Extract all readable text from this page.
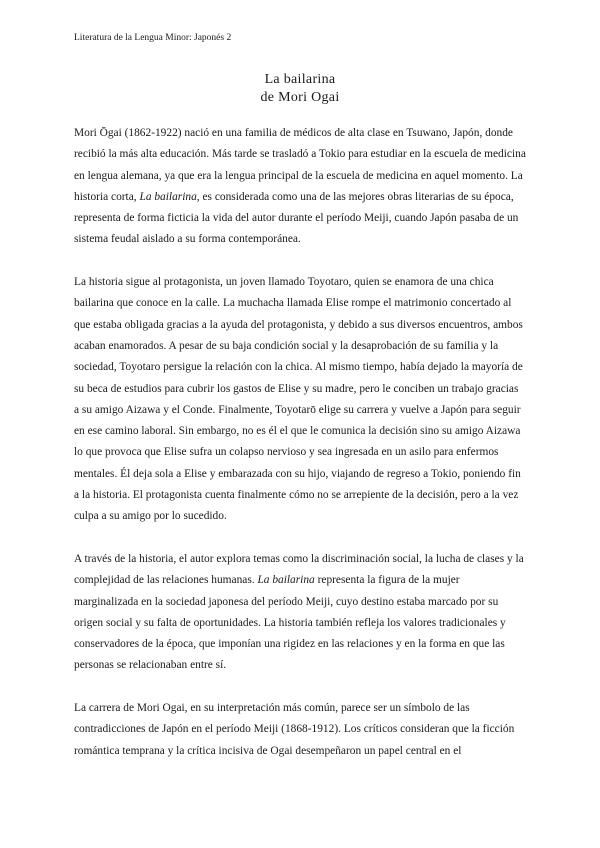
Literatura de la Lengua Minor: Japonés 2
La bailarina
de Mori Ogai

Mori Ōgai (1862-1922) nació en una familia de médicos de alta clase en Tsuwano, Japón, donde recibió la más alta educación. Más tarde se trasladó a Tokio para estudiar en la escuela de medicina en lengua alemana, ya que era la lengua principal de la escuela de medicina en aquel momento. La historia corta, La bailarina, es considerada como una de las mejores obras literarias de su época, representa de forma ficticia la vida del autor durante el período Meiji, cuando Japón pasaba de un sistema feudal aislado a su forma contemporánea.

La historia sigue al protagonista, un joven llamado Toyotaro, quien se enamora de una chica bailarina que conoce en la calle. La muchacha llamada Elise rompe el matrimonio concertado al que estaba obligada gracias a la ayuda del protagonista, y debido a sus diversos encuentros, ambos acaban enamorados. A pesar de su baja condición social y la desaprobación de su familia y la sociedad, Toyotaro persigue la relación con la chica. Al mismo tiempo, había dejado la mayoría de su beca de estudios para cubrir los gastos de Elise y su madre, pero le conciben un trabajo gracias a su amigo Aizawa y el Conde. Finalmente, Toyotarō elige su carrera y vuelve a Japón para seguir en ese camino laboral. Sin embargo, no es él el que le comunica la decisión sino su amigo Aizawa lo que provoca que Elise sufra un colapso nervioso y sea ingresada en un asilo para enfermos mentales. Él deja sola a Elise y embarazada con su hijo, viajando de regreso a Tokio, poniendo fin a la historia. El protagonista cuenta finalmente cómo no se arrepiente de la decisión, pero a la vez culpa a su amigo por lo sucedido.

A través de la historia, el autor explora temas como la discriminación social, la lucha de clases y la complejidad de las relaciones humanas. La bailarina representa la figura de la mujer marginalizada en la sociedad japonesa del período Meiji, cuyo destino estaba marcado por su origen social y su falta de oportunidades. La historia también refleja los valores tradicionales y conservadores de la época, que imponían una rigidez en las relaciones y en la forma en que las personas se relacionaban entre sí.

La carrera de Mori Ogai, en su interpretación más común, parece ser un símbolo de las contradicciones de Japón en el período Meiji (1868-1912). Los críticos consideran que la ficción romántica temprana y la crítica incisiva de Ogai desempeñaron un papel central en el
